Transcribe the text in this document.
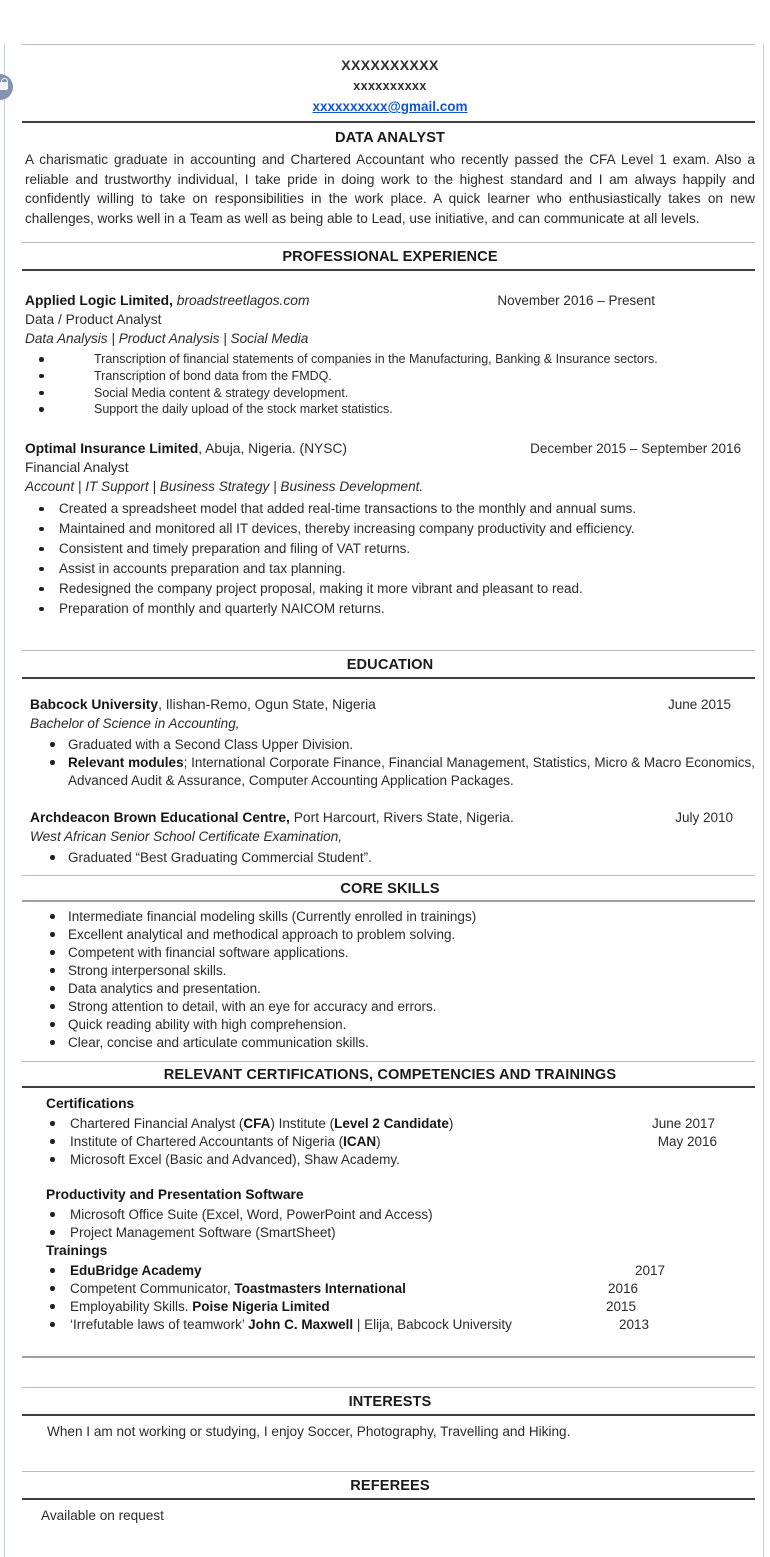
XXXXXXXXXX
xxxxxxxxxx
xxxxxxxxxx@gmail.com
DATA ANALYST
A charismatic graduate in accounting and Chartered Accountant who recently passed the CFA Level 1 exam. Also a reliable and trustworthy individual, I take pride in doing work to the highest standard and I am always happily and confidently willing to take on responsibilities in the work place. A quick learner who enthusiastically takes on new challenges, works well in a Team as well as being able to Lead, use initiative, and can communicate at all levels.
PROFESSIONAL EXPERIENCE
Applied Logic Limited, broadstreetlagos.com	November 2016 – Present
Data / Product Analyst
Data Analysis | Product Analysis | Social Media
Transcription of financial statements of companies in the Manufacturing, Banking & Insurance sectors.
Transcription of bond data from the FMDQ.
Social Media content & strategy development.
Support the daily upload of the stock market statistics.
Optimal Insurance Limited, Abuja, Nigeria. (NYSC)	December 2015 – September 2016
Financial Analyst
Account | IT Support | Business Strategy | Business Development.
Created a spreadsheet model that added real-time transactions to the monthly and annual sums.
Maintained and monitored all IT devices, thereby increasing company productivity and efficiency.
Consistent and timely preparation and filing of VAT returns.
Assist in accounts preparation and tax planning.
Redesigned the company project proposal, making it more vibrant and pleasant to read.
Preparation of monthly and quarterly NAICOM returns.
EDUCATION
Babcock University, Ilishan-Remo, Ogun State, Nigeria	June 2015
Bachelor of Science in Accounting,
Graduated with a Second Class Upper Division.
Relevant modules; International Corporate Finance, Financial Management, Statistics, Micro & Macro Economics, Advanced Audit & Assurance, Computer Accounting Application Packages.
Archdeacon Brown Educational Centre, Port Harcourt, Rivers State, Nigeria.	July 2010
West African Senior School Certificate Examination,
Graduated “Best Graduating Commercial Student”.
CORE SKILLS
Intermediate financial modeling skills (Currently enrolled in trainings)
Excellent analytical and methodical approach to problem solving.
Competent with financial software applications.
Strong interpersonal skills.
Data analytics and presentation.
Strong attention to detail, with an eye for accuracy and errors.
Quick reading ability with high comprehension.
Clear, concise and articulate communication skills.
RELEVANT CERTIFICATIONS, COMPETENCIES AND TRAININGS
Certifications
Chartered Financial Analyst (CFA) Institute (Level 2 Candidate)	June 2017
Institute of Chartered Accountants of Nigeria (ICAN)	May 2016
Microsoft Excel (Basic and Advanced), Shaw Academy.
Productivity and Presentation Software
Microsoft Office Suite (Excel, Word, PowerPoint and Access)
Project Management Software (SmartSheet)
Trainings
EduBridge Academy	2017
Competent Communicator, Toastmasters International	2016
Employability Skills. Poise Nigeria Limited	2015
‘Irrefutable laws of teamwork’ John C. Maxwell | Elija, Babcock University	2013
INTERESTS
When I am not working or studying, I enjoy Soccer, Photography, Travelling and Hiking.
REFEREES
Available on request
